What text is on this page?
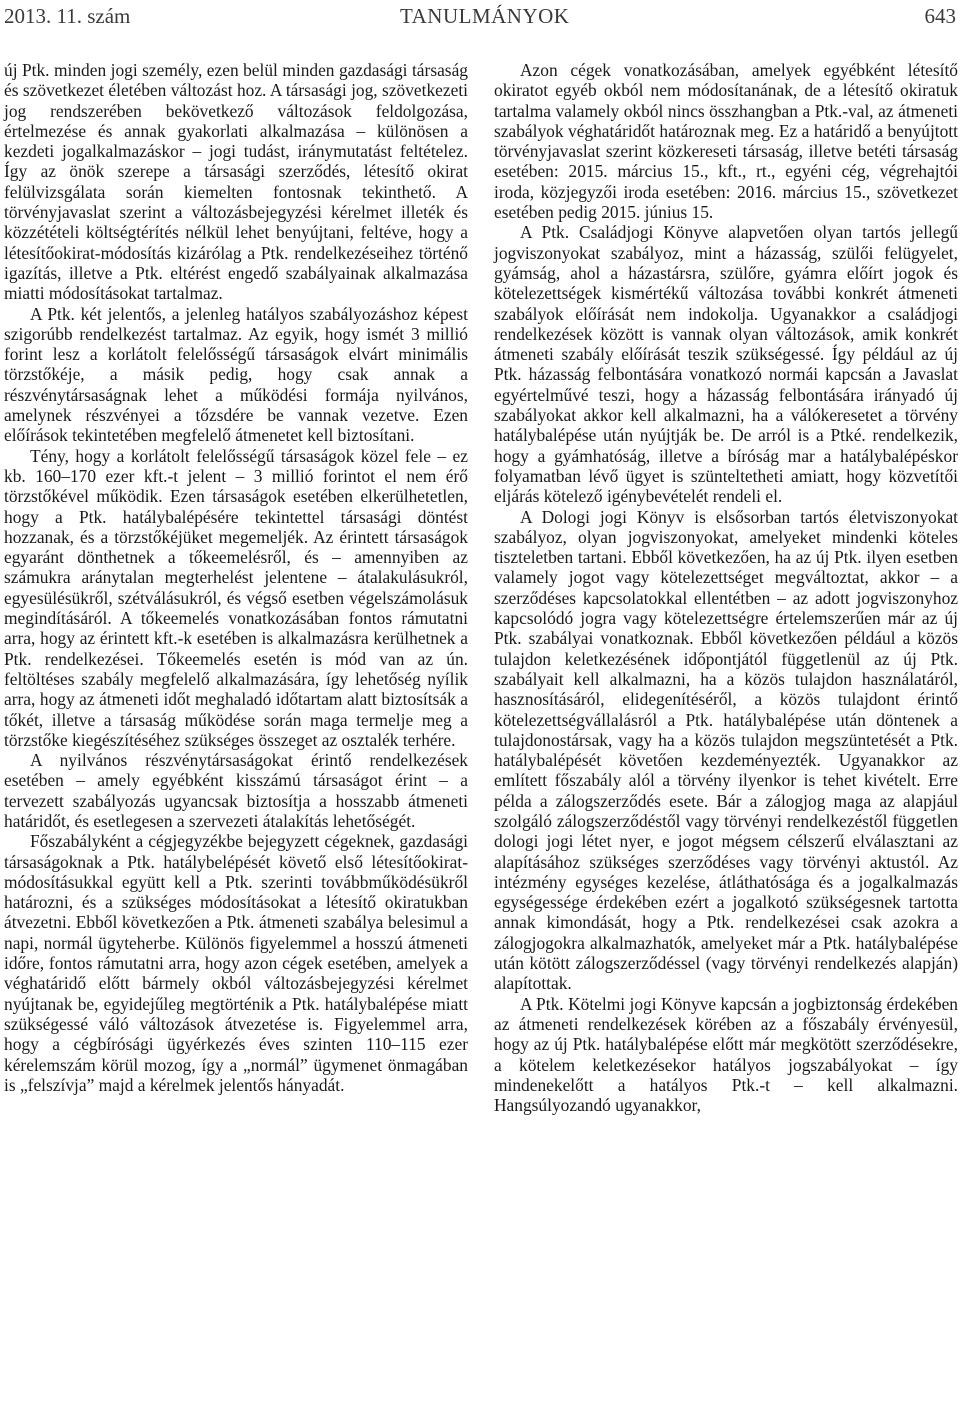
2013. 11. szám	TANULMÁNYOK	643

új Ptk. minden jogi személy, ezen belül minden gazdasági társaság és szövetkezet életében változást hoz. A társasági jog, szövetkezeti jog rendszerében bekövetkező változások feldolgozása, értelmezése és annak gyakorlati alkalmazása – különösen a kezdeti jogalkalmazáskor – jogi tudást, iránymutatást feltételez. Így az önök szerepe a társasági szerződés, létesítő okirat felülvizsgálata során kiemelten fontosnak tekinthető. A törvényjavaslat szerint a változásbejegyzési kérelmet illeték és közzétételi költségtérítés nélkül lehet benyújtani, feltéve, hogy a létesítőokirat-módosítás kizárólag a Ptk. rendelkezéseihez történő igazítás, illetve a Ptk. eltérést engedő szabályainak alkalmazása miatti módosításokat tartalmaz.

A Ptk. két jelentős, a jelenleg hatályos szabályozáshoz képest szigorúbb rendelkezést tartalmaz. Az egyik, hogy ismét 3 millió forint lesz a korlátolt felelősségű társaságok elvárt minimális törzstőkéje, a másik pedig, hogy csak annak a részvénytársaságnak lehet a működési formája nyilvános, amelynek részvényei a tőzsdére be vannak vezetve. Ezen előírások tekintetében megfelelő átmenetet kell biztosítani.

Tény, hogy a korlátolt felelősségű társaságok közel fele – ez kb. 160–170 ezer kft.-t jelent – 3 millió forintot el nem érő törzstőkével működik. Ezen társaságok esetében elkerülhetetlen, hogy a Ptk. hatálybalépésére tekintettel társasági döntést hozzanak, és a törzstőkéjüket megemeljék. Az érintett társaságok egyaránt dönthetnek a tőkeemelésről, és – amennyiben az számukra aránytalan megterhelést jelentene – átalakulásukról, egyesülésükről, szétválásukról, és végső esetben végelszámolásuk megindításáról. A tőkeemelés vonatkozásában fontos rámutatni arra, hogy az érintett kft.-k esetében is alkalmazásra kerülhetnek a Ptk. rendelkezései. Tőkeemelés esetén is mód van az ún. feltöltéses szabály megfelelő alkalmazására, így lehetőség nyílik arra, hogy az átmeneti időt meghaladó időtartam alatt biztosítsák a tőkét, illetve a társaság működése során maga termelje meg a törzstőke kiegészítéséhez szükséges összeget az osztalék terhére.

A nyilvános részvénytársaságokat érintő rendelkezések esetében – amely egyébként kisszámú társaságot érint – a tervezett szabályozás ugyancsak biztosítja a hosszabb átmeneti határidőt, és esetlegesen a szervezeti átalakítás lehetőségét.

Főszabályként a cégjegyzékbe bejegyzett cégeknek, gazdasági társaságoknak a Ptk. hatálybelépését követő első létesítőokirat-módosításukkal együtt kell a Ptk. szerinti továbbműködésükről határozni, és a szükséges módosításokat a létesítő okiratukban átvezetni. Ebből következően a Ptk. átmeneti szabálya belesimul a napi, normál ügyteherbe. Különös figyelemmel a hosszú átmeneti időre, fontos rámutatni arra, hogy azon cégek esetében, amelyek a véghatáridő előtt bármely okból változásbejegyzési kérelmet nyújtanak be, egyidejűleg megtörténik a Ptk. hatálybalépése miatt szükségessé váló változások átvezetése is. Figyelemmel arra, hogy a cégbírósági ügyérkezés éves szinten 110–115 ezer kérelemszám körül mozog, így a „normál” ügymenet önmagában is „felszívja” majd a kérelmek jelentős hányadát.

Azon cégek vonatkozásában, amelyek egyébként létesítő okiratot egyéb okból nem módosítanának, de a létesítő okiratuk tartalma valamely okból nincs összhangban a Ptk.-val, az átmeneti szabályok véghatáridőt határoznak meg. Ez a határidő a benyújtott törvényjavaslat szerint közkereseti társaság, illetve betéti társaság esetében: 2015. március 15., kft., rt., egyéni cég, végrehajtói iroda, közjegyzői iroda esetében: 2016. március 15., szövetkezet esetében pedig 2015. június 15.

A Ptk. Családjogi Könyve alapvetően olyan tartós jellegű jogviszonyokat szabályoz, mint a házasság, szülői felügyelet, gyámság, ahol a házastársra, szülőre, gyámra előírt jogok és kötelezettségek kismértékű változása további konkrét átmeneti szabályok előírását nem indokolja. Ugyanakkor a családjogi rendelkezések között is vannak olyan változások, amik konkrét átmeneti szabály előírását teszik szükségessé. Így például az új Ptk. házasság felbontására vonatkozó normái kapcsán a Javaslat egyértelművé teszi, hogy a házasság felbontására irányadó új szabályokat akkor kell alkalmazni, ha a válókeresetet a törvény hatálybalépése után nyújtják be. De arról is a Ptké. rendelkezik, hogy a gyámhatóság, illetve a bíróság mar a hatálybalépéskor folyamatban lévő ügyet is szünteltetheti amiatt, hogy közvetítői eljárás kötelező igénybevételét rendeli el.

A Dologi jogi Könyv is elsősorban tartós életviszonyokat szabályoz, olyan jogviszonyokat, amelyeket mindenki köteles tiszteletben tartani. Ebből következően, ha az új Ptk. ilyen esetben valamely jogot vagy kötelezettséget megváltoztat, akkor – a szerződéses kapcsolatokkal ellentétben – az adott jogviszonyhoz kapcsolódó jogra vagy kötelezettségre értelemszerűen már az új Ptk. szabályai vonatkoznak. Ebből következően például a közös tulajdon keletkezésének időpontjától függetlenül az új Ptk. szabályait kell alkalmazni, ha a közös tulajdon használatáról, hasznosításáról, elidegenítéséről, a közös tulajdont érintő kötelezettségvállalásról a Ptk. hatálybalépése után döntenek a tulajdonostársak, vagy ha a közös tulajdon megszüntetését a Ptk. hatálybalépését követően kezdeményezték. Ugyanakkor az említett főszabály alól a törvény ilyenkor is tehet kivételt. Erre példa a zálogszerződés esete. Bár a zálogjog maga az alapjául szolgáló zálogszerződéstől vagy törvényi rendelkezéstől független dologi jogi létet nyer, e jogot mégsem célszerű elválasztani az alapításához szükséges szerződéses vagy törvényi aktustól. Az intézmény egységes kezelése, átláthatósága és a jogalkalmazás egységessége érdekében ezért a jogalkotó szükségesnek tartotta annak kimondását, hogy a Ptk. rendelkezései csak azokra a zálogjogokra alkalmazhatók, amelyeket már a Ptk. hatálybalépése után kötött zálogszerződéssel (vagy törvényi rendelkezés alapján) alapítottak.

A Ptk. Kötelmi jogi Könyve kapcsán a jogbiztonság érdekében az átmeneti rendelkezések körében az a főszabály érvényesül, hogy az új Ptk. hatálybalépése előtt már megkötött szerződésekre, a kötelem keletkezésekor hatályos jogszabályokat – így mindenekelőtt a hatályos Ptk.-t – kell alkalmazni. Hangsúlyozandó ugyanakkor,
